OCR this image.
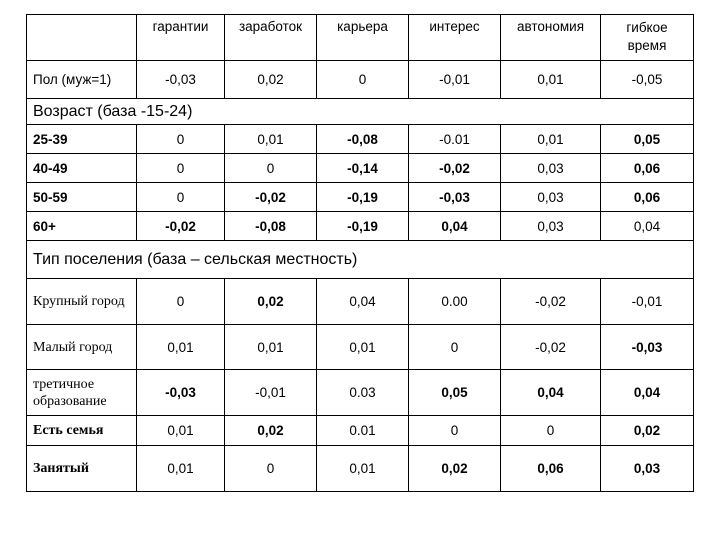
	гарантии	заработок	карьера	интерес	автономия	гибкое время
Пол (муж=1)	-0,03	0,02	0	-0,01	0,01	-0,05
Возраст (база -15-24)						
25-39	0	0,01	-0,08	-0.01	0,01	0,05
40-49	0	0	-0,14	-0,02	0,03	0,06
50-59	0	-0,02	-0,19	-0,03	0,03	0,06
60+	-0,02	-0,08	-0,19	0,04	0,03	0,04
Тип поселения (база – сельская местность)						
Крупный город	0	0,02	0,04	0.00	-0,02	-0,01
Малый город	0,01	0,01	0,01	0	-0,02	-0,03
третичное образование	-0,03	-0,01	0.03	0,05	0,04	0,04
Есть семья	0,01	0,02	0.01	0	0	0,02
Занятый	0,01	0	0,01	0,02	0,06	0,03
